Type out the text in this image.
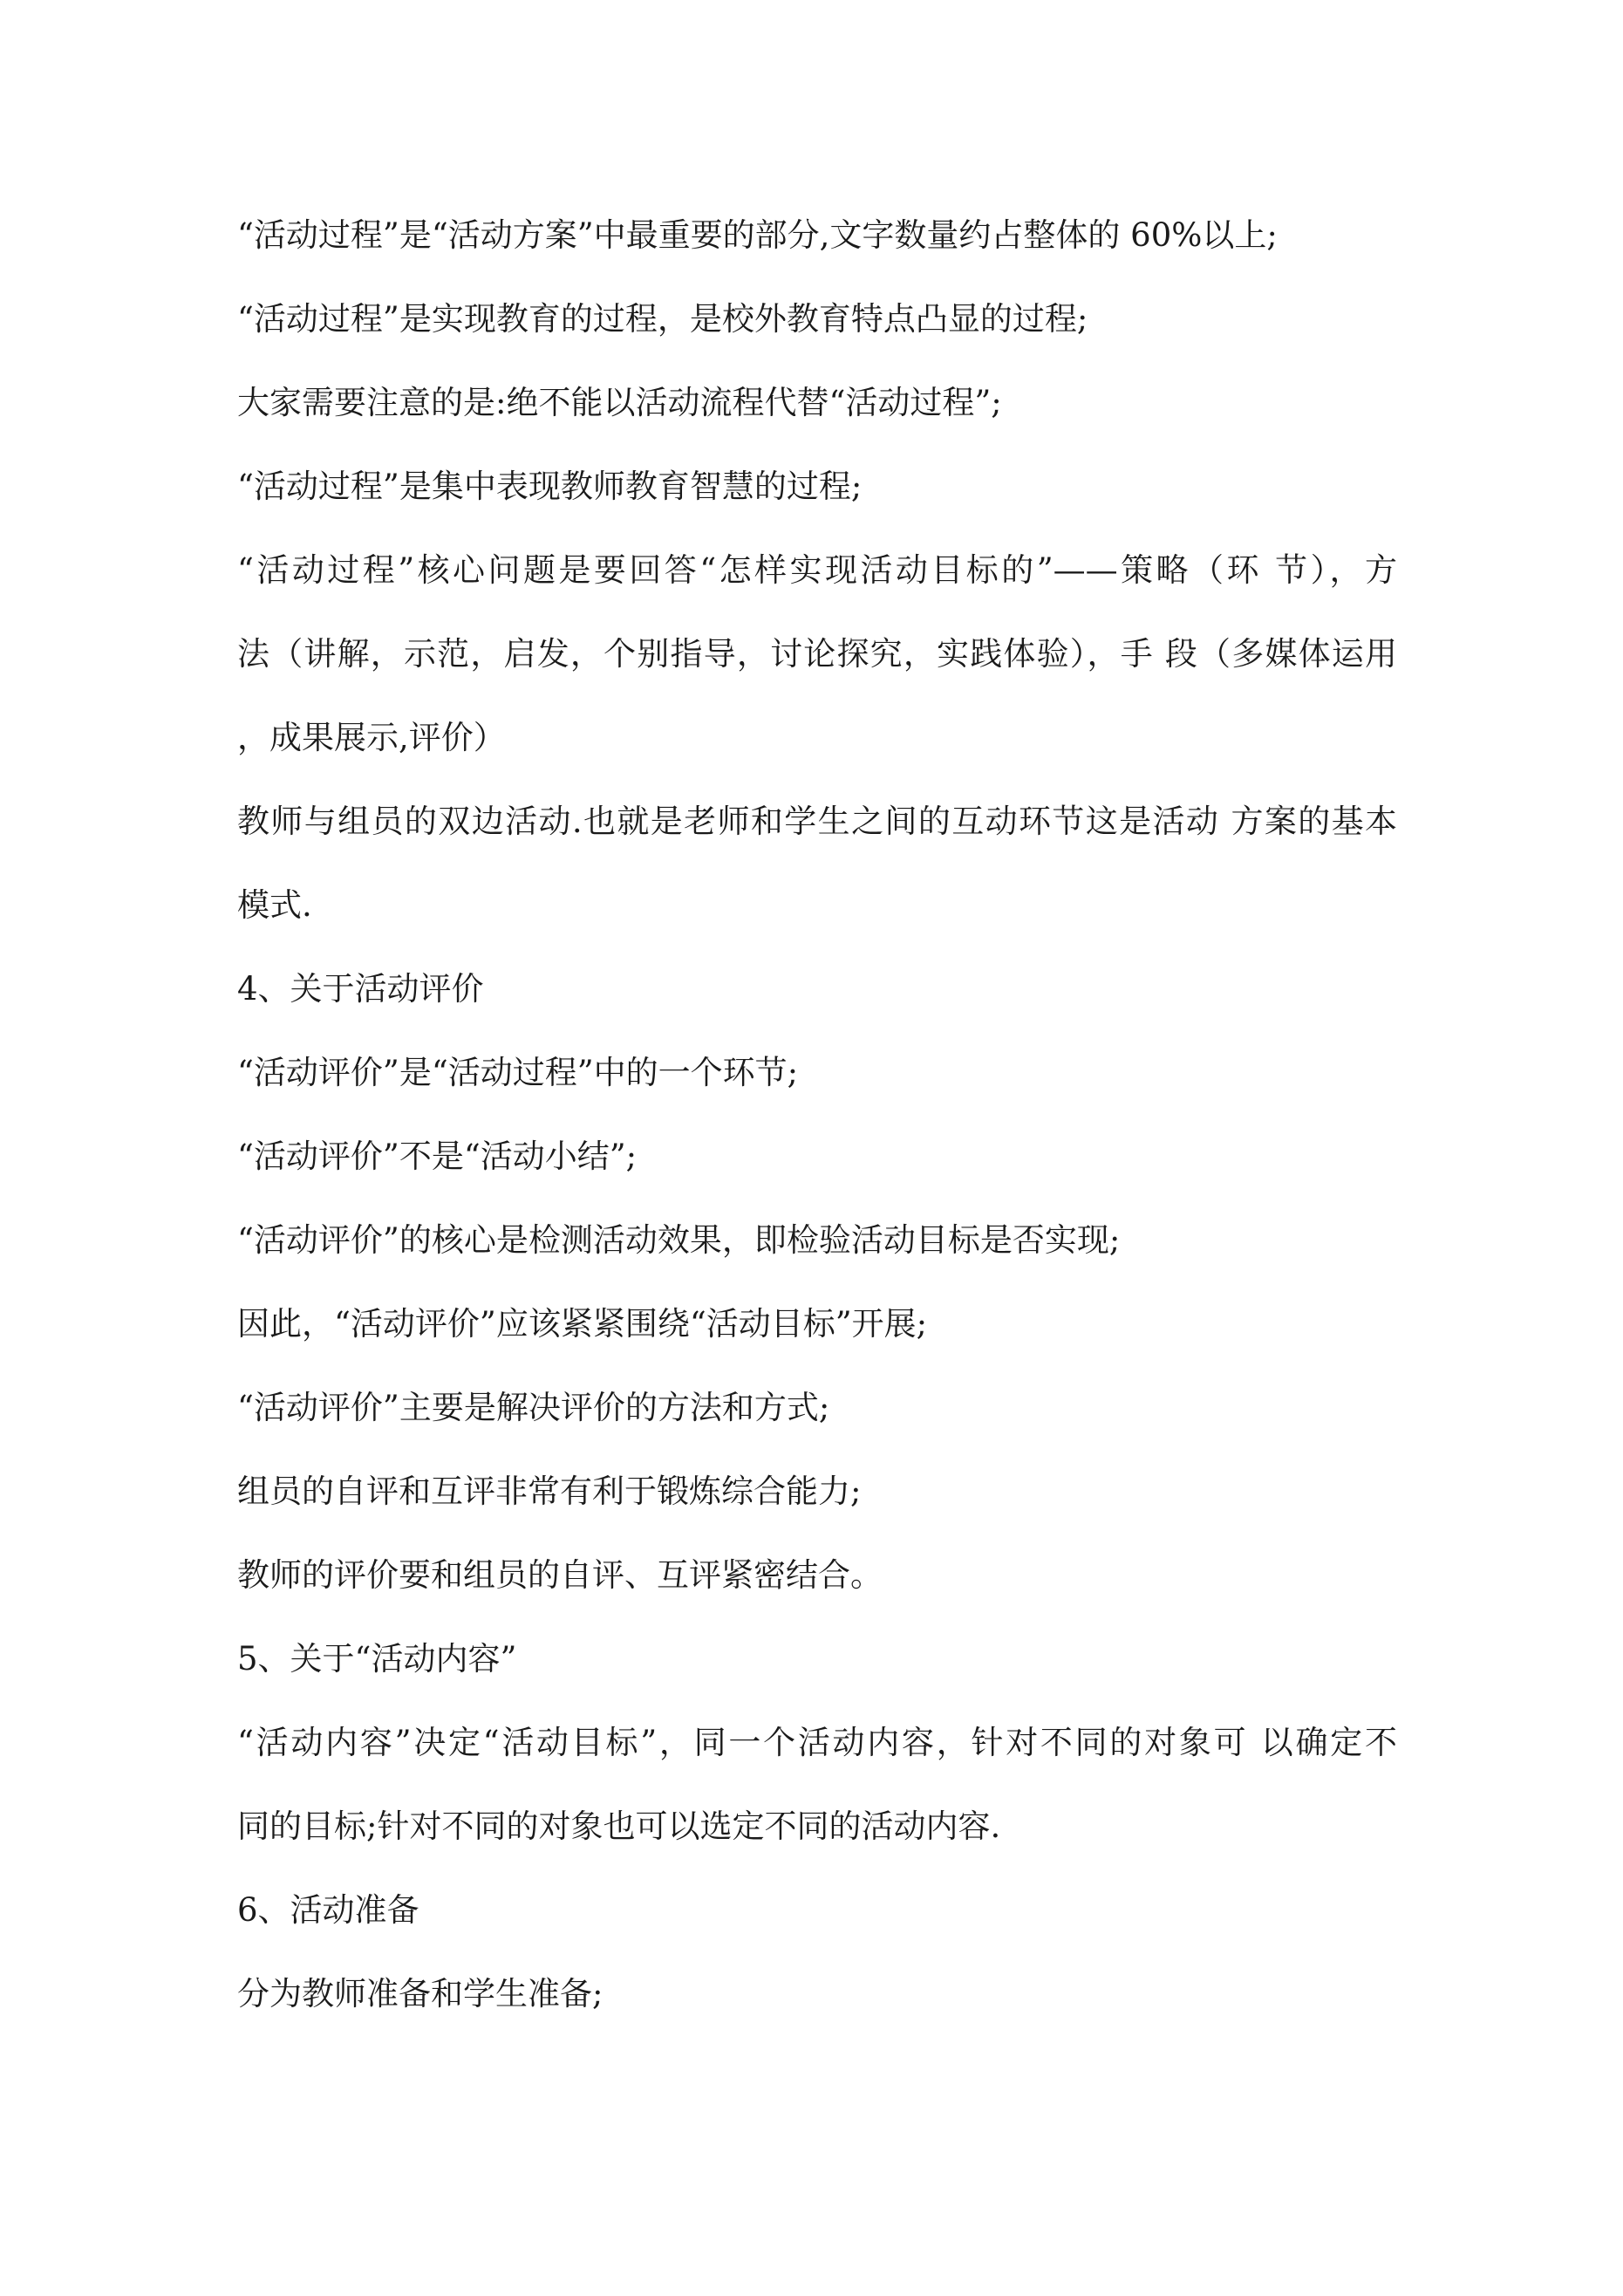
“活动过程”是“活动方案”中最重要的部分,文字数量约占整体的 60%以上;
“活动过程”是实现教育的过程，是校外教育特点凸显的过程;
大家需要注意的是:绝不能以活动流程代替“活动过程”;
“活动过程”是集中表现教师教育智慧的过程;
“活动过程”核心问题是要回答“怎样实现活动目标的”——策略（环 节），方
法（讲解，示范，启发，个别指导，讨论探究，实践体验），手 段（多媒体运用
，成果展示,评价）
教师与组员的双边活动.也就是老师和学生之间的互动环节这是活动 方案的基本
模式.
4、关于活动评价
“活动评价”是“活动过程”中的一个环节;
“活动评价”不是“活动小结”;
“活动评价”的核心是检测活动效果，即检验活动目标是否实现;
因此，“活动评价”应该紧紧围绕“活动目标”开展;
“活动评价”主要是解决评价的方法和方式;
组员的自评和互评非常有利于锻炼综合能力;
教师的评价要和组员的自评、互评紧密结合。
5、关于“活动内容”
“活动内容”决定“活动目标”，同一个活动内容，针对不同的对象可 以确定不
同的目标;针对不同的对象也可以选定不同的活动内容.
6、活动准备
分为教师准备和学生准备;
